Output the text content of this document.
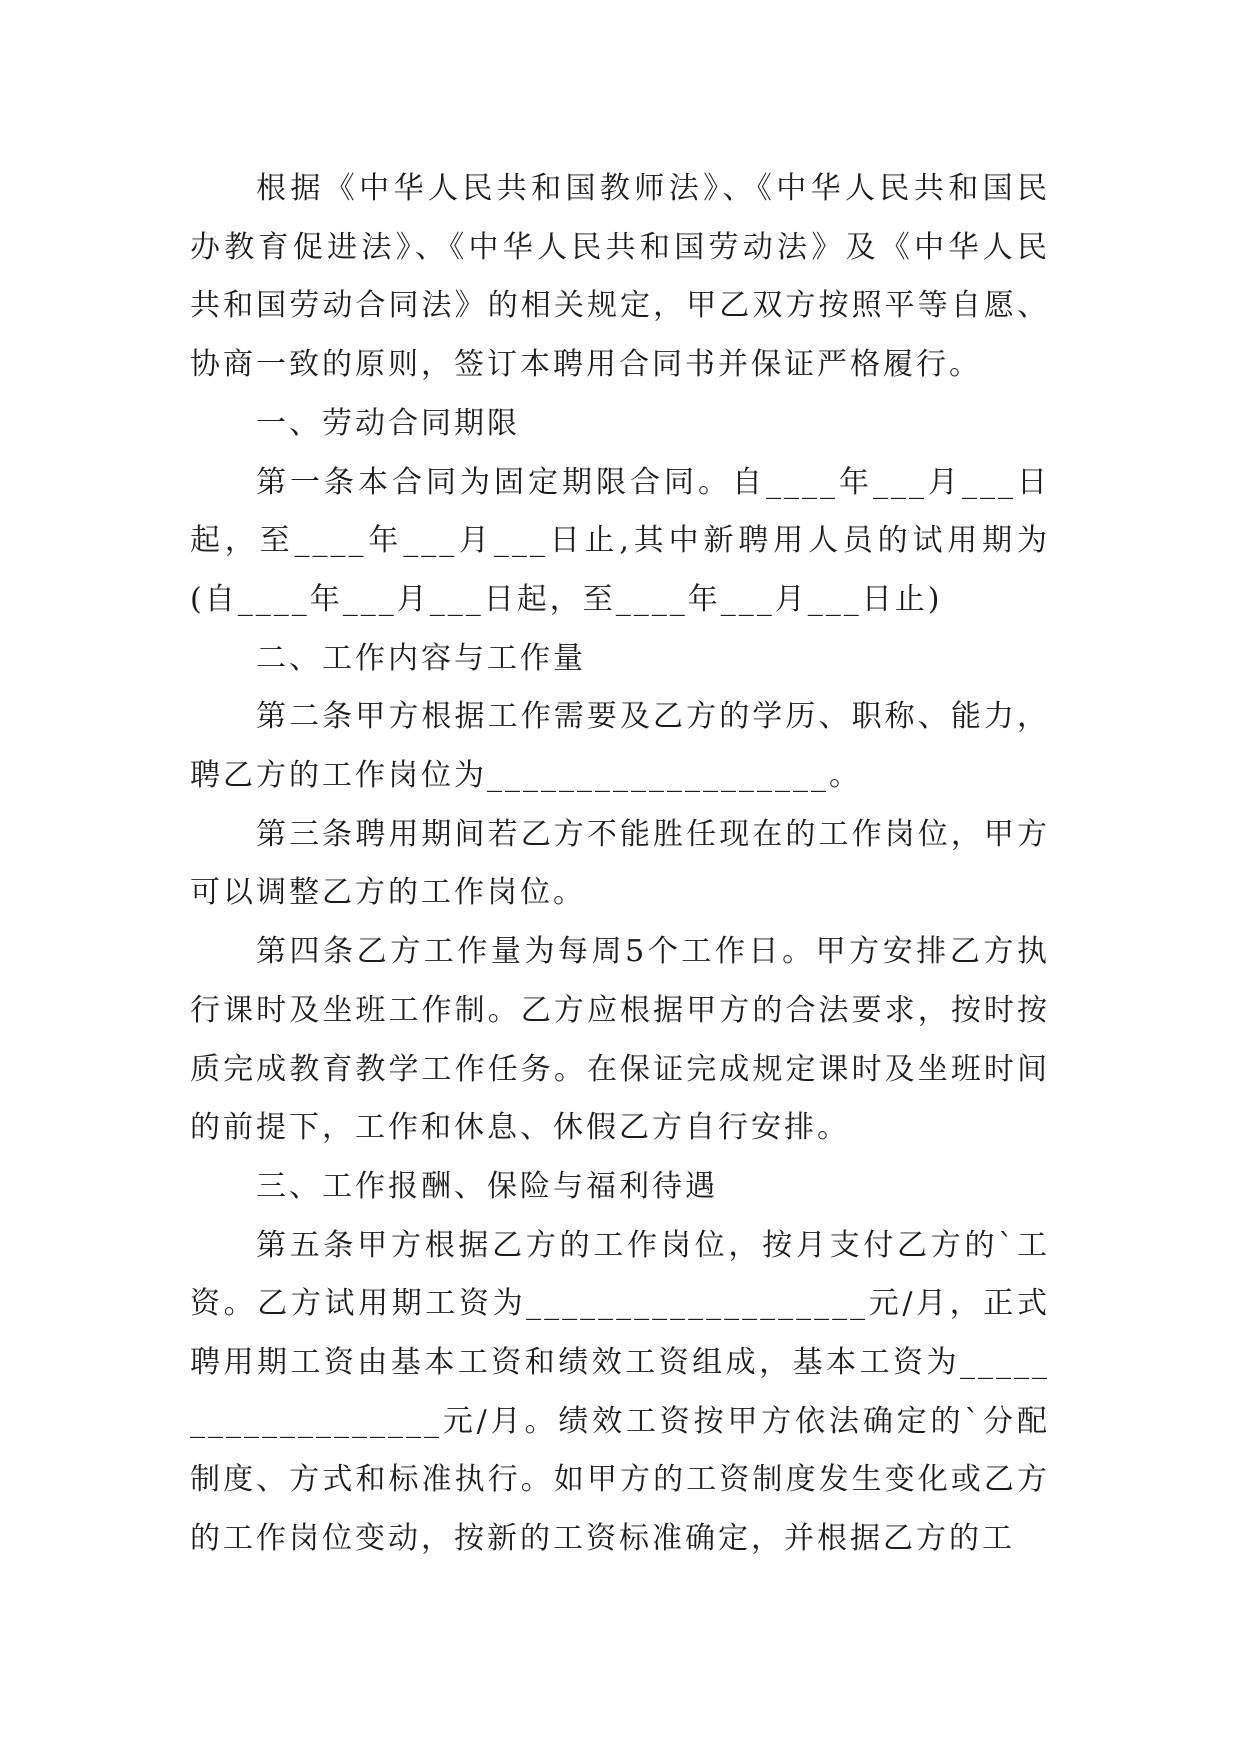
根据《中华人民共和国教师法》、《中华人民共和国民办教育促进法》、《中华人民共和国劳动法》及《中华人民共和国劳动合同法》的相关规定，甲乙双方按照平等自愿、协商一致的原则，签订本聘用合同书并保证严格履行。

一、劳动合同期限

第一条本合同为固定期限合同。自____年___月___日起，至____年___月___日止,其中新聘用人员的试用期为(自____年___月___日起，至____年___月___日止)

二、工作内容与工作量

第二条甲方根据工作需要及乙方的学历、职称、能力，聘乙方的工作岗位为___________________。

第三条聘用期间若乙方不能胜任现在的工作岗位，甲方可以调整乙方的工作岗位。

第四条乙方工作量为每周5个工作日。甲方安排乙方执行课时及坐班工作制。乙方应根据甲方的合法要求，按时按质完成教育教学工作任务。在保证完成规定课时及坐班时间的前提下，工作和休息、休假乙方自行安排。

三、工作报酬、保险与福利待遇

第五条甲方根据乙方的工作岗位，按月支付乙方的`工资。乙方试用期工资为___________________元/月，正式聘用期工资由基本工资和绩效工资组成，基本工资为___________________元/月。绩效工资按甲方依法确定的`分配制度、方式和标准执行。如甲方的工资制度发生变化或乙方的工作岗位变动，按新的工资标准确定，并根据乙方的工
